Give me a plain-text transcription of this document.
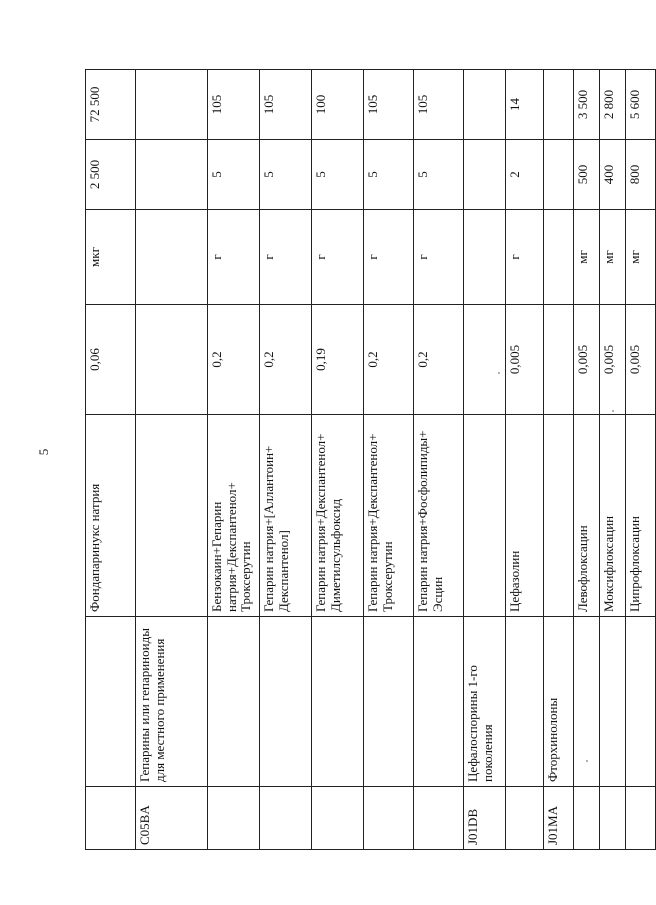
5
		Фондапаринукс натрия	0,06	мкг	2 500	72 500
C05BA	Гепарины или гепариноиды для местного применения					
		Бензокаин+Гепарин натрия+Декспантенол+ Троксерутин	0,2	г	5	105
		Гепарин натрия+[Аллантоин+ Декспантенол]	0,2	г	5	105
		Гепарин натрия+Декспантенол+ Диметилсульфоксид	0,19	г	5	100
		Гепарин натрия+Декспантенол+ Троксерутин	0,2	г	5	105
		Гепарин натрия+Фосфолипиды+ Эсцин	0,2	г	5	105
J01DB	Цефалоспорины 1-го поколения					
		Цефазолин	0,005	г	2	14
J01MA	Фторхинолоны					
		Левофлоксацин	0,005	мг	500	3 500
		Моксифлоксацин	0,005	мг	400	2 800
		Ципрофлоксацин	0,005	мг	800	5 600
